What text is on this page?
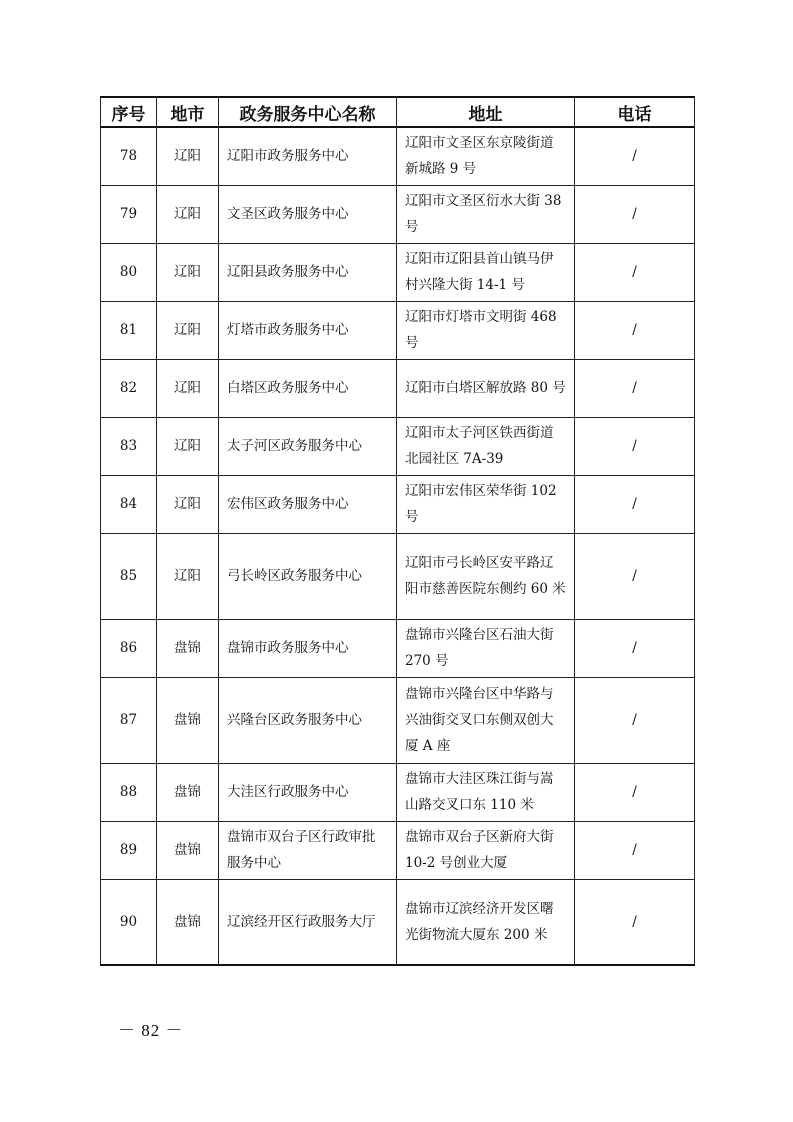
序号	地市	政务服务中心名称	地址	电话
78	辽阳	辽阳市政务服务中心	辽阳市文圣区东京陵街道新城路 9 号	/
79	辽阳	文圣区政务服务中心	辽阳市文圣区衍水大街 38 号	/
80	辽阳	辽阳县政务服务中心	辽阳市辽阳县首山镇马伊村兴隆大街 14-1 号	/
81	辽阳	灯塔市政务服务中心	辽阳市灯塔市文明街 468 号	/
82	辽阳	白塔区政务服务中心	辽阳市白塔区解放路 80 号	/
83	辽阳	太子河区政务服务中心	辽阳市太子河区铁西街道北园社区 7A-39	/
84	辽阳	宏伟区政务服务中心	辽阳市宏伟区荣华街 102 号	/
85	辽阳	弓长岭区政务服务中心	辽阳市弓长岭区安平路辽阳市慈善医院东侧约 60 米	/
86	盘锦	盘锦市政务服务中心	盘锦市兴隆台区石油大街 270 号	/
87	盘锦	兴隆台区政务服务中心	盘锦市兴隆台区中华路与兴油街交叉口东侧双创大厦 A 座	/
88	盘锦	大洼区行政服务中心	盘锦市大洼区珠江街与嵩山路交叉口东 110 米	/
89	盘锦	盘锦市双台子区行政审批服务中心	盘锦市双台子区新府大街 10-2 号创业大厦	/
90	盘锦	辽滨经开区行政服务大厅	盘锦市辽滨经济开发区曙光街物流大厦东 200 米	/
－ 82 －
